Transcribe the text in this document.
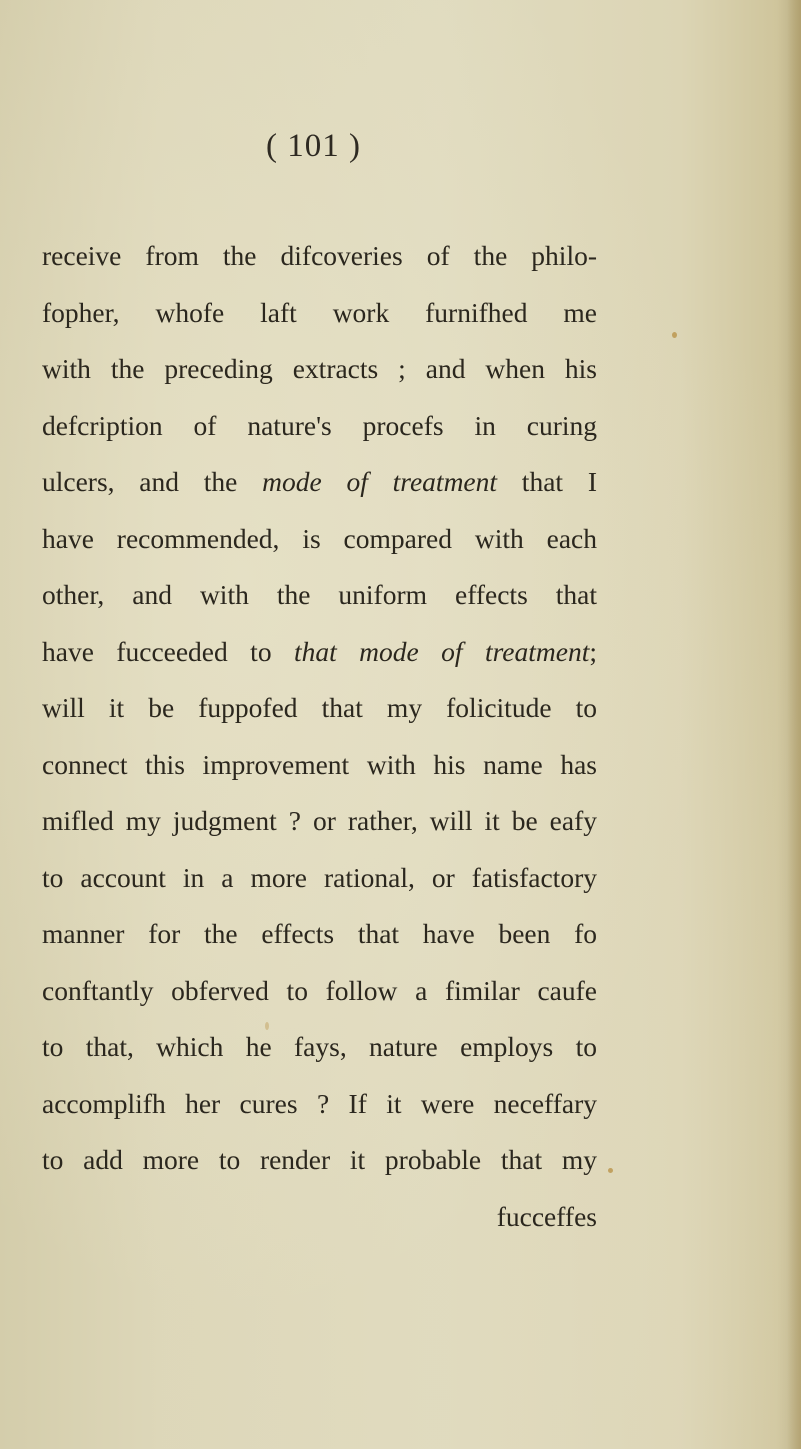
( 101 )
receive from the difcoveries of the philo-
fopher, whofe laft work furnifhed me
with the preceding extracts ; and when his
defcription of nature's procefs in curing
ulcers, and the mode of treatment that I
have recommended, is compared with each
other, and with the uniform effects that
have fucceeded to that mode of treatment;
will it be fuppofed that my folicitude to
connect this improvement with his name has
mifled my judgment ? or rather, will it be eafy
to account in a more rational, or fatisfactory
manner for the effects that have been fo
conftantly obferved to follow a fimilar caufe
to that, which he fays, nature employs to
accomplifh her cures ? If it were neceffary
to add more to render it probable that my
fucceffes
